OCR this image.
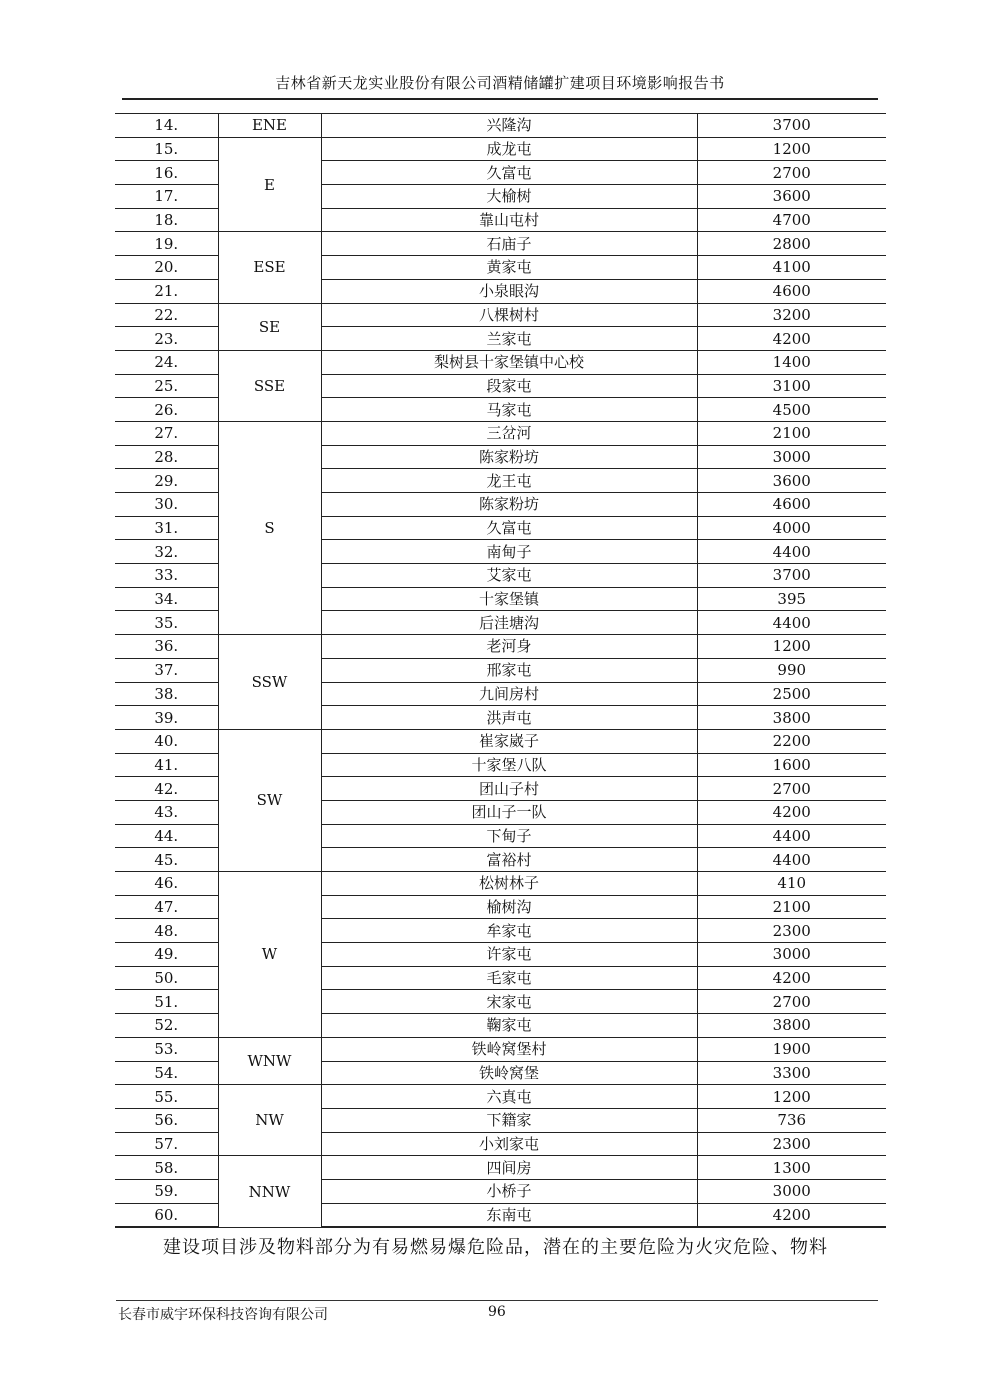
吉林省新天龙实业股份有限公司酒精储罐扩建项目环境影响报告书
14.	ENE	兴隆沟	3700
15.	E	成龙屯	1200
16.		久富屯	2700
17.		大榆树	3600
18.		靠山屯村	4700
19.	ESE	石庙子	2800
20.		黄家屯	4100
21.		小泉眼沟	4600
22.	SE	八棵树村	3200
23.		兰家屯	4200
24.	SSE	梨树县十家堡镇中心校	1400
25.		段家屯	3100
26.		马家屯	4500
27.	S	三岔河	2100
28.		陈家粉坊	3000
29.		龙王屯	3600
30.		陈家粉坊	4600
31.		久富屯	4000
32.		南甸子	4400
33.		艾家屯	3700
34.		十家堡镇	395
35.		后洼塘沟	4400
36.	SSW	老河身	1200
37.		邢家屯	990
38.		九间房村	2500
39.		洪声屯	3800
40.	SW	崔家崴子	2200
41.		十家堡八队	1600
42.		团山子村	2700
43.		团山子一队	4200
44.		下甸子	4400
45.		富裕村	4400
46.	W	松树林子	410
47.		榆树沟	2100
48.		牟家屯	2300
49.		许家屯	3000
50.		毛家屯	4200
51.		宋家屯	2700
52.		鞠家屯	3800
53.	WNW	铁岭窝堡村	1900
54.		铁岭窝堡	3300
55.	NW	六真屯	1200
56.		下籍家	736
57.		小刘家屯	2300
58.	NNW	四间房	1300
59.		小桥子	3000
60.		东南屯	4200
建设项目涉及物料部分为有易燃易爆危险品，潜在的主要危险为火灾危险、物料
长春市威宇环保科技咨询有限公司	96
